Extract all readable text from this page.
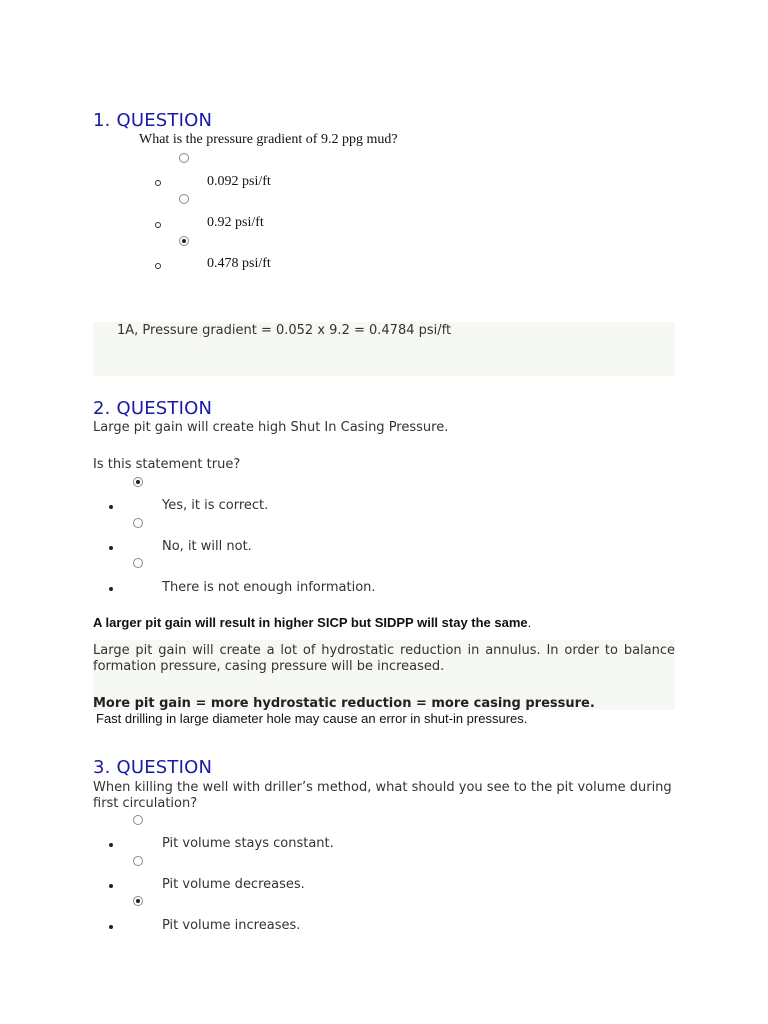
1. QUESTION
What is the pressure gradient of 9.2 ppg mud?
0.092 psi/ft
0.92 psi/ft
0.478 psi/ft
1A, Pressure gradient = 0.052 x 9.2 = 0.4784 psi/ft
2. QUESTION
Large pit gain will create high Shut In Casing Pressure.
Is this statement true?
Yes, it is correct.
No, it will not.
There is not enough information.
A larger pit gain will result in higher SICP but SIDPP will stay the same.
Large pit gain will create a lot of hydrostatic reduction in annulus. In order to balance formation pressure, casing pressure will be increased.
More pit gain = more hydrostatic reduction = more casing pressure.
Fast drilling in large diameter hole may cause an error in shut-in pressures.
3. QUESTION
When killing the well with driller’s method, what should you see to the pit volume during first circulation?
Pit volume stays constant.
Pit volume decreases.
Pit volume increases.
